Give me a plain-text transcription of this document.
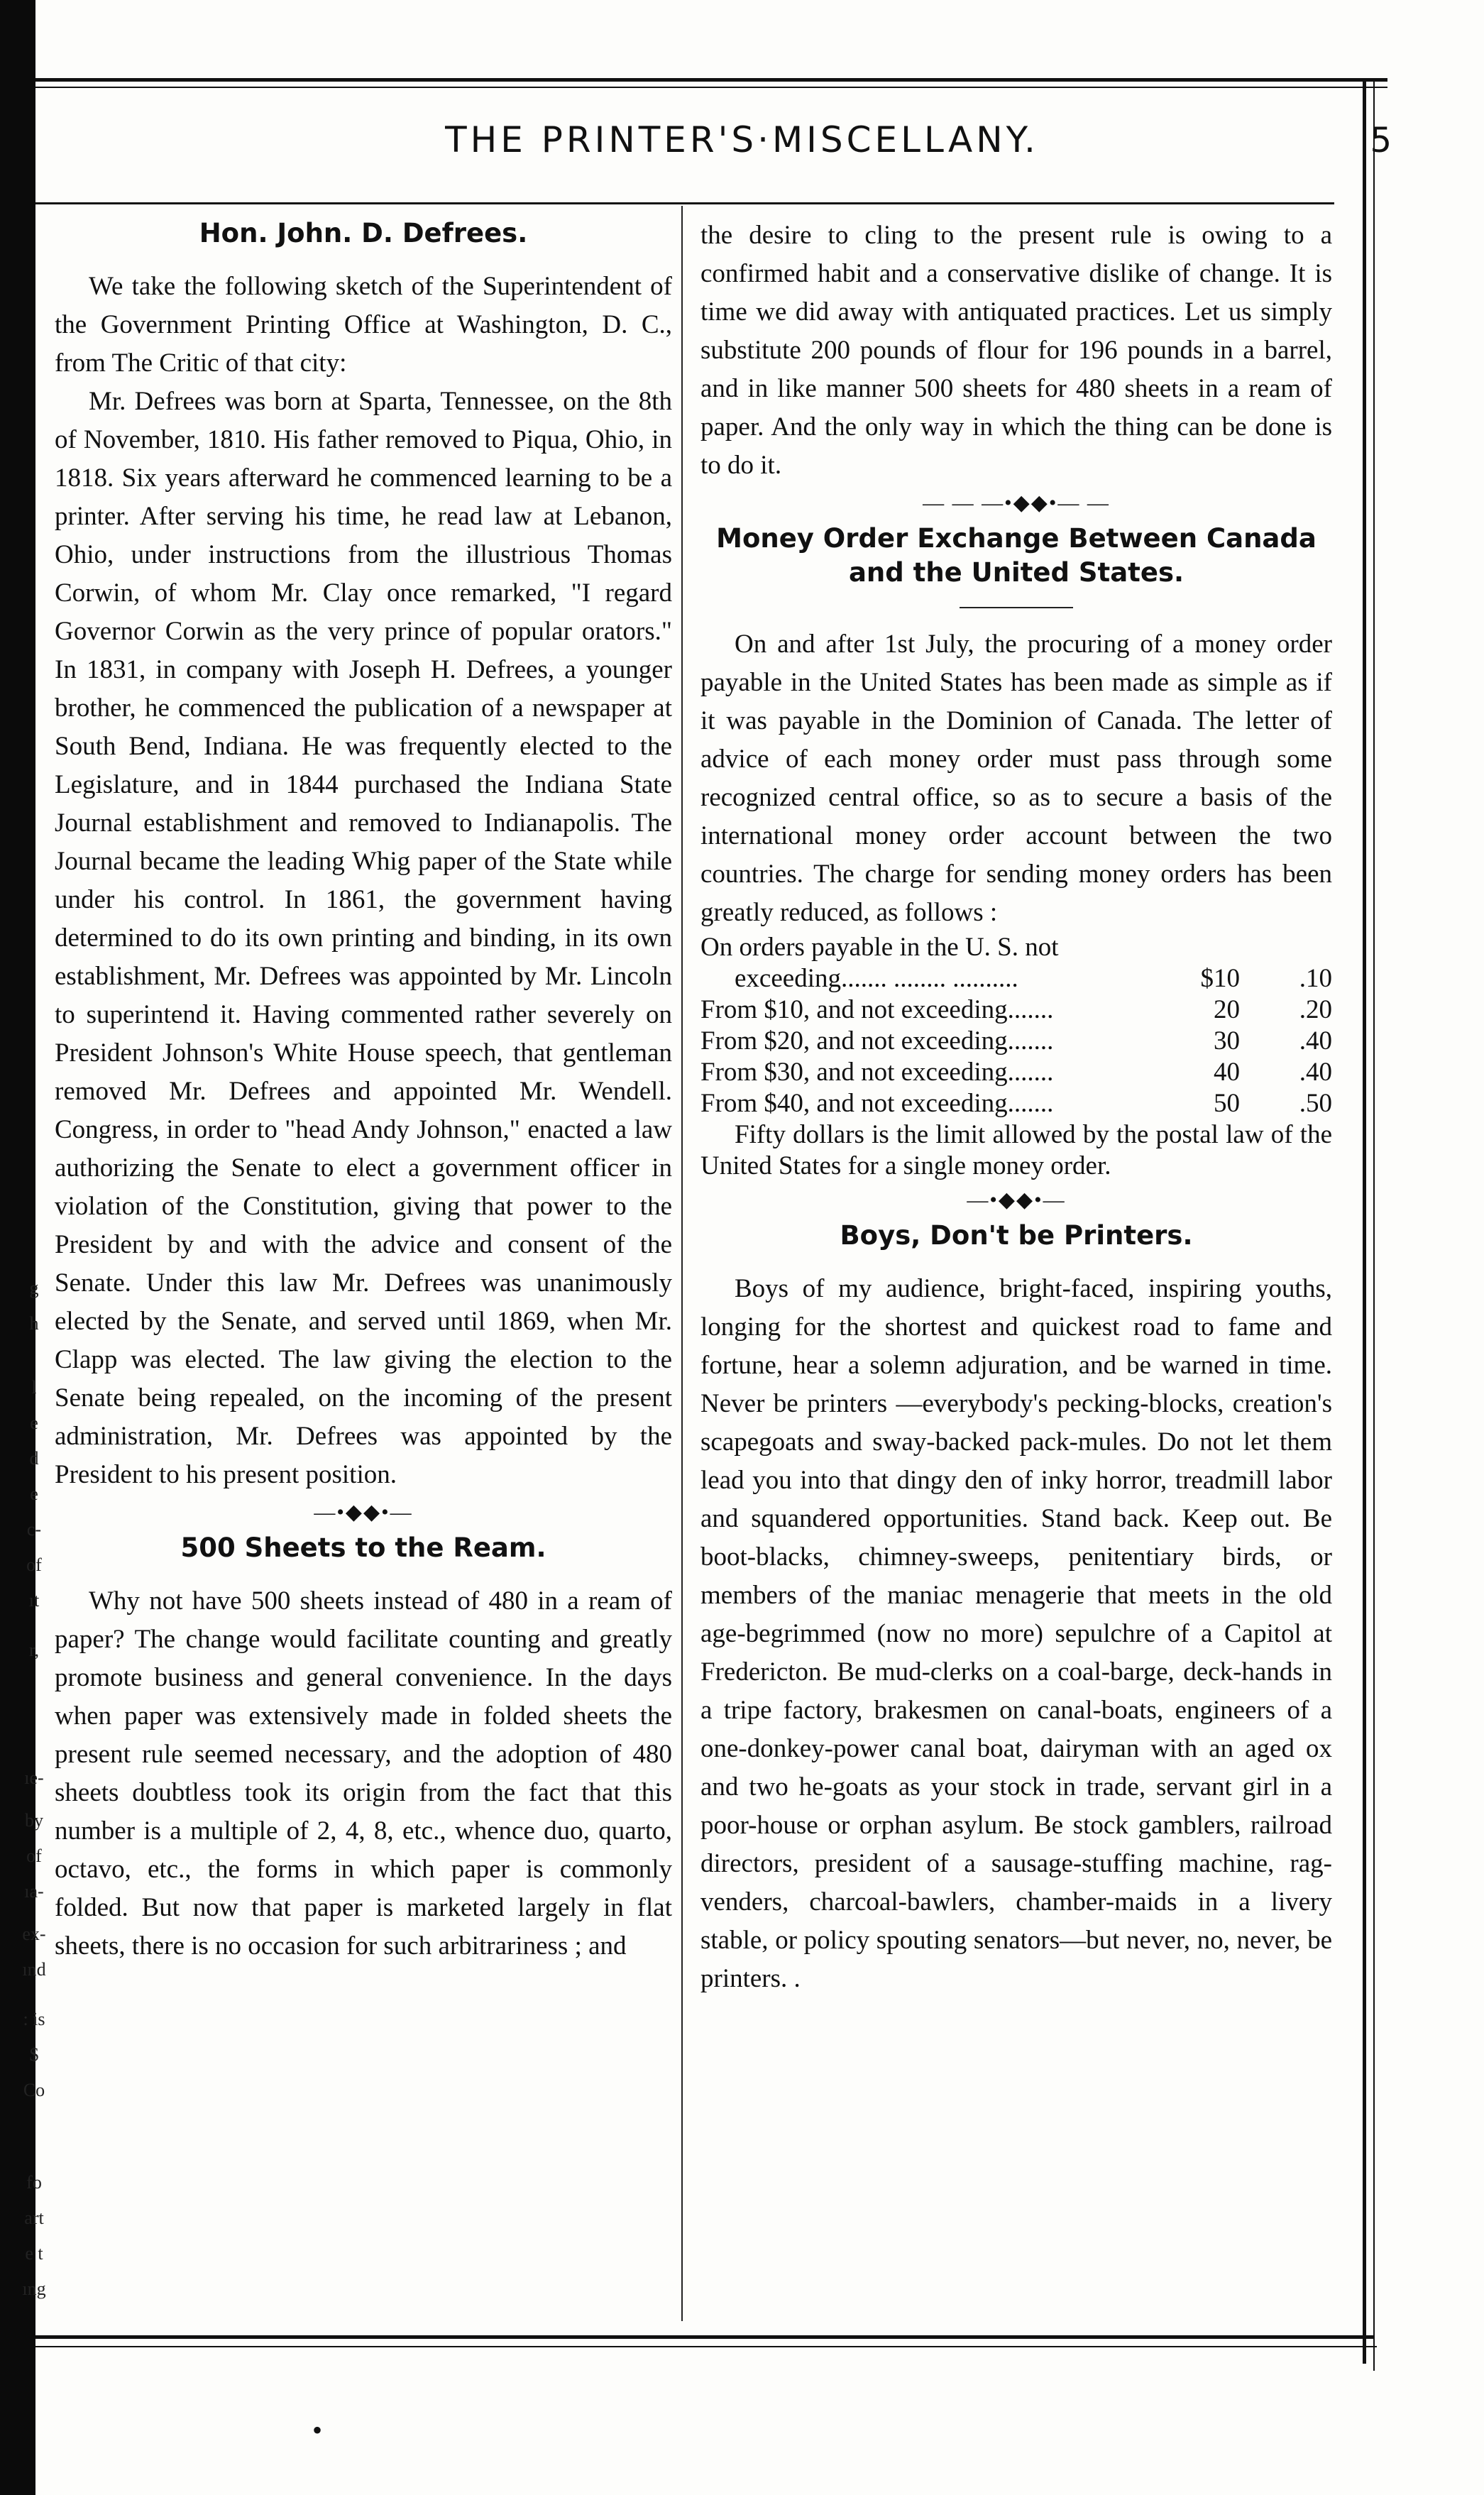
g
h
l
e
d
e
c-
of
ıt
r,
ıe-
by
of
ıa-
ex-
ınd
: is
$
Co
fo
art
e t
ıng
THE PRINTER'S·MISCELLANY.	5
Hon. John. D. Defrees.

We take the following sketch of the Superintendent of the Government Printing Office at Washington, D. C., from The Critic of that city:

Mr. Defrees was born at Sparta, Tennessee, on the 8th of November, 1810. His father removed to Piqua, Ohio, in 1818. Six years afterward he commenced learning to be a printer. After serving his time, he read law at Lebanon, Ohio, under instructions from the illustrious Thomas Corwin, of whom Mr. Clay once remarked, "I regard Governor Corwin as the very prince of popular orators." In 1831, in company with Joseph H. Defrees, a younger brother, he commenced the publication of a newspaper at South Bend, Indiana. He was frequently elected to the Legislature, and in 1844 purchased the Indiana State Journal establishment and removed to Indianapolis. The Journal became the leading Whig paper of the State while under his control. In 1861, the government having determined to do its own printing and binding, in its own establishment, Mr. Defrees was appointed by Mr. Lincoln to superintend it. Having commented rather severely on President Johnson's White House speech, that gentleman removed Mr. Defrees and appointed Mr. Wendell. Congress, in order to "head Andy Johnson," enacted a law authorizing the Senate to elect a government officer in violation of the Constitution, giving that power to the President by and with the advice and consent of the Senate. Under this law Mr. Defrees was unanimously elected by the Senate, and served until 1869, when Mr. Clapp was elected. The law giving the election to the Senate being repealed, on the incoming of the present administration, Mr. Defrees was appointed by the President to his present position.

—•◆◆•—
500 Sheets to the Ream.

Why not have 500 sheets instead of 480 in a ream of paper? The change would facilitate counting and greatly promote business and general convenience. In the days when paper was extensively made in folded sheets the present rule seemed necessary, and the adoption of 480 sheets doubtless took its origin from the fact that this number is a multiple of 2, 4, 8, etc., whence duo, quarto, octavo, etc., the forms in which paper is commonly folded. But now that paper is marketed largely in flat sheets, there is no occasion for such arbitrariness ; and

the desire to cling to the present rule is owing to a confirmed habit and a conservative dislike of change. It is time we did away with antiquated practices. Let us simply substitute 200 pounds of flour for 196 pounds in a barrel, and in like manner 500 sheets for 480 sheets in a ream of paper. And the only way in which the thing can be done is to do it.

— — —•◆◆•— —
Money Order Exchange Between Canada and the United States.

On and after 1st July, the procuring of a money order payable in the United States has been made as simple as if it was payable in the Dominion of Canada. The letter of advice of each money order must pass through some recognized central office, so as to secure a basis of the international money order account between the two countries. The charge for sending money orders has been greatly reduced, as follows :

On orders payable in the U. S. not

exceeding....... ........ ..........	$10	.10
From $10, and not exceeding.......	20	.20
From $20, and not exceeding.......	30	.40
From $30, and not exceeding.......	40	.40
From $40, and not exceeding.......	50	.50

Fifty dollars is the limit allowed by the postal law of the United States for a single money order.

—•◆◆•—
Boys, Don't be Printers.

Boys of my audience, bright-faced, inspiring youths, longing for the shortest and quickest road to fame and fortune, hear a solemn adjuration, and be warned in time. Never be printers —everybody's pecking-blocks, creation's scapegoats and sway-backed pack-mules. Do not let them lead you into that dingy den of inky horror, treadmill labor and squandered opportunities. Stand back. Keep out. Be boot-blacks, chimney-sweeps, penitentiary birds, or members of the maniac menagerie that meets in the old age-begrimmed (now no more) sepulchre of a Capitol at Fredericton. Be mud-clerks on a coal-barge, deck-hands in a tripe factory, brakesmen on canal-boats, engineers of a one-donkey-power canal boat, dairyman with an aged ox and two he-goats as your stock in trade, servant girl in a poor-house or orphan asylum. Be stock gamblers, railroad directors, president of a sausage-stuffing machine, rag-venders, charcoal-bawlers, chamber-maids in a livery stable, or policy spouting senators—but never, no, never, be printers. .

•
